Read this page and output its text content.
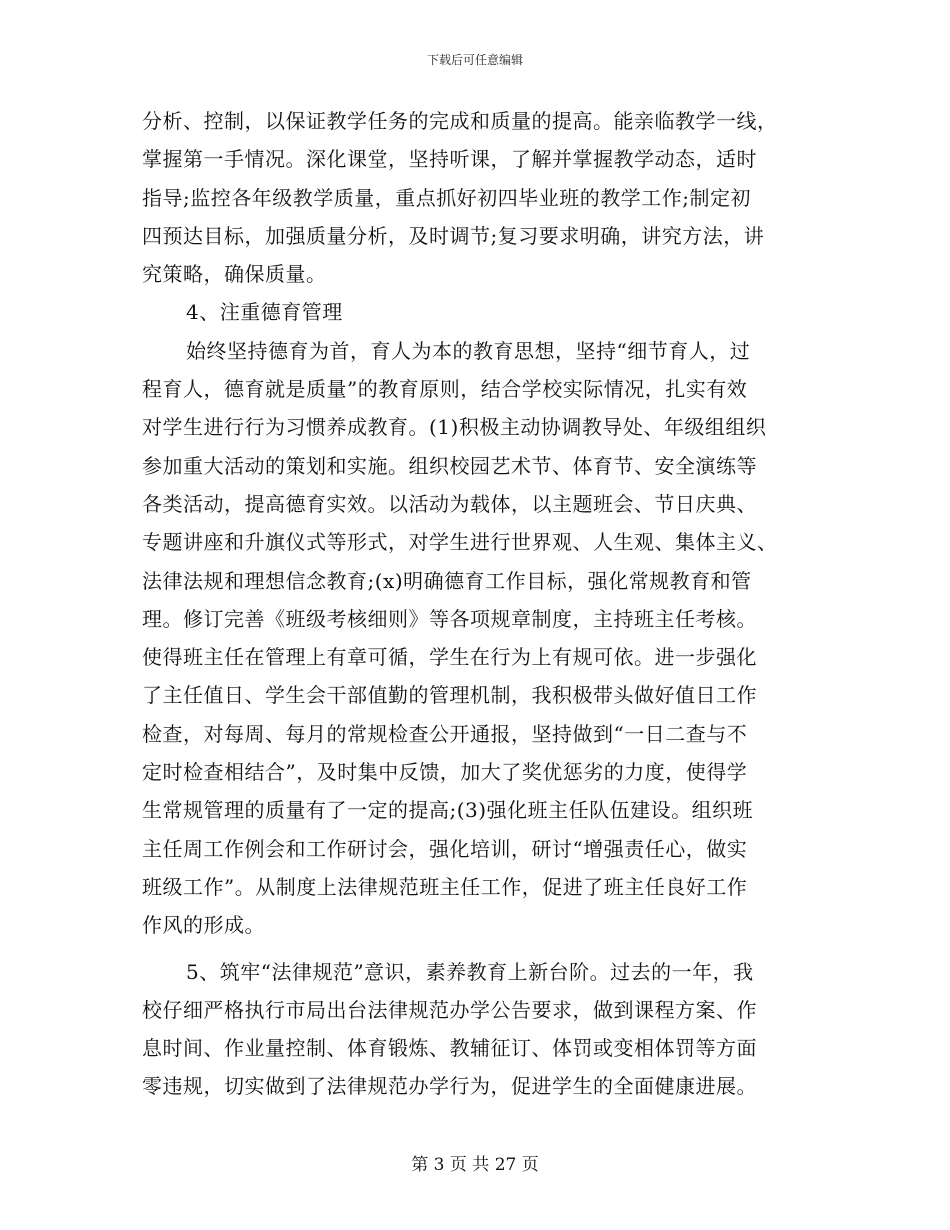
下载后可任意编辑
分析、控制，以保证教学任务的完成和质量的提高。能亲临教学一线，
掌握第一手情况。深化课堂，坚持听课，了解并掌握教学动态，适时
指导;监控各年级教学质量，重点抓好初四毕业班的教学工作;制定初
四预达目标，加强质量分析，及时调节;复习要求明确，讲究方法，讲
究策略，确保质量。
4、注重德育管理
始终坚持德育为首，育人为本的教育思想，坚持“细节育人，过
程育人，德育就是质量”的教育原则，结合学校实际情况，扎实有效
对学生进行行为习惯养成教育。(1)积极主动协调教导处、年级组组织
参加重大活动的策划和实施。组织校园艺术节、体育节、安全演练等
各类活动，提高德育实效。以活动为载体，以主题班会、节日庆典、
专题讲座和升旗仪式等形式，对学生进行世界观、人生观、集体主义、
法律法规和理想信念教育;(x)明确德育工作目标，强化常规教育和管
理。修订完善《班级考核细则》等各项规章制度，主持班主任考核。
使得班主任在管理上有章可循，学生在行为上有规可依。进一步强化
了主任值日、学生会干部值勤的管理机制，我积极带头做好值日工作
检查，对每周、每月的常规检查公开通报，坚持做到“一日二查与不
定时检查相结合”，及时集中反馈，加大了奖优惩劣的力度，使得学
生常规管理的质量有了一定的提高;(3)强化班主任队伍建设。组织班
主任周工作例会和工作研讨会，强化培训，研讨“增强责任心，做实
班级工作”。从制度上法律规范班主任工作，促进了班主任良好工作
作风的形成。
5、筑牢“法律规范”意识，素养教育上新台阶。过去的一年，我
校仔细严格执行市局出台法律规范办学公告要求，做到课程方案、作
息时间、作业量控制、体育锻炼、教辅征订、体罚或变相体罚等方面
零违规，切实做到了法律规范办学行为，促进学生的全面健康进展。
第 3 页 共 27 页
